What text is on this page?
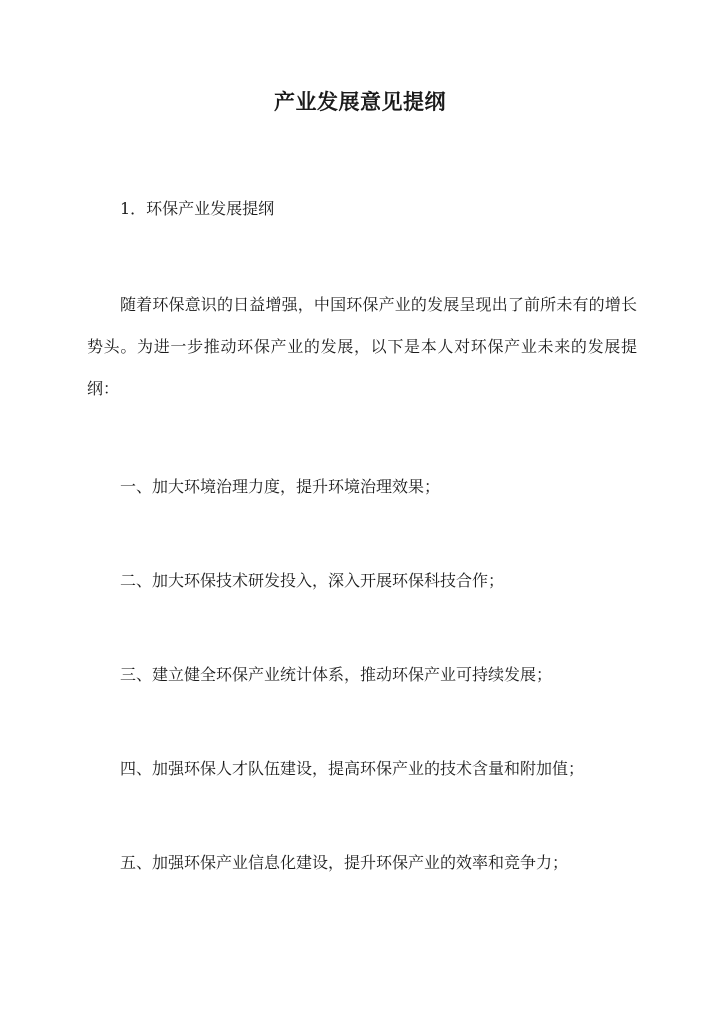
产业发展意见提纲

1．环保产业发展提纲

随着环保意识的日益增强，中国环保产业的发展呈现出了前所未有的增长势头。为进一步推动环保产业的发展，以下是本人对环保产业未来的发展提纲：

一、加大环境治理力度，提升环境治理效果；

二、加大环保技术研发投入，深入开展环保科技合作；

三、建立健全环保产业统计体系，推动环保产业可持续发展；

四、加强环保人才队伍建设，提高环保产业的技术含量和附加值；

五、加强环保产业信息化建设，提升环保产业的效率和竞争力；
